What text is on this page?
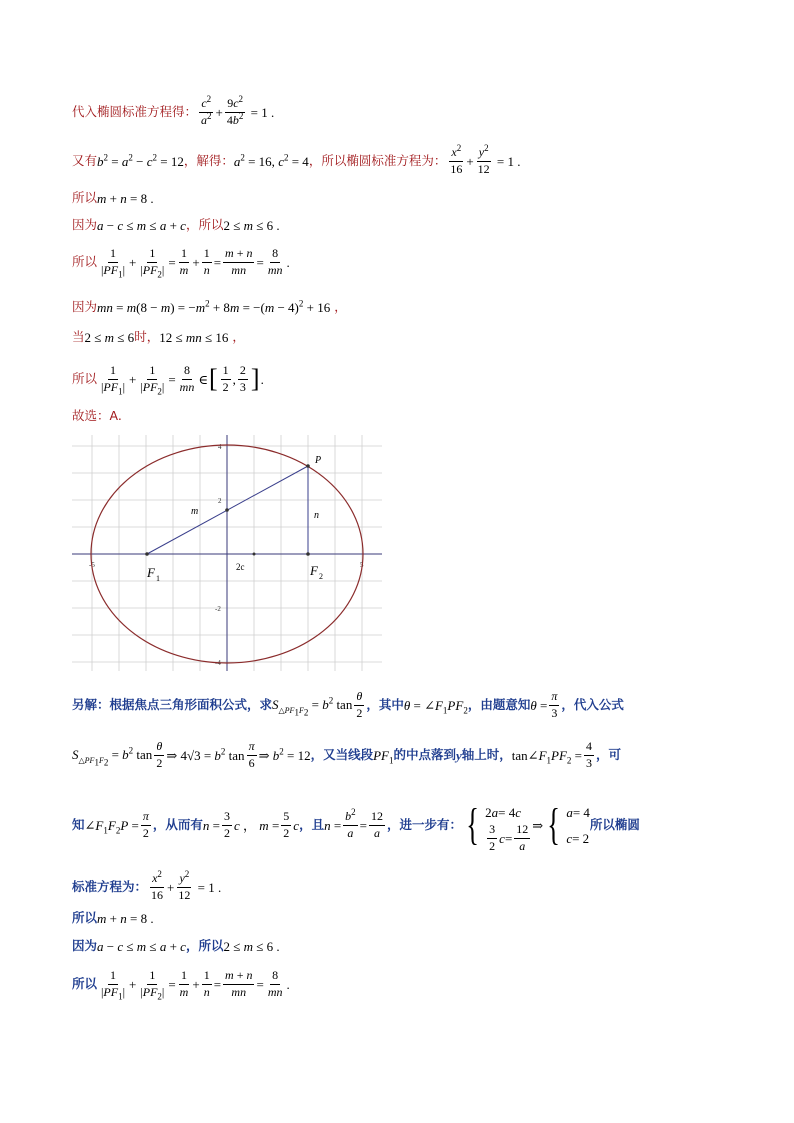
代入椭圆标准方程得： $\frac{c^2}{a^2} + \frac{9c^2}{4b^2} = 1$ .
又有 $b^2 = a^2 - c^2 = 12$ ，解得： $a^2 = 16$, $c^2 = 4$ ，所以椭圆标准方程为： $\frac{x^2}{16} + \frac{y^2}{12} = 1$ .
所以 m + n = 8 .
因为 a − c ≤ m ≤ a + c ，所以 2 ≤ m ≤ 6 .
所以 $\frac{1}{|PF_1|} + \frac{1}{|PF_2|} = \frac{1}{m} + \frac{1}{n} = \frac{m + n}{mn} = \frac{8}{mn}$ .
因为 mn = $m(8 - m) = -m^2 + 8m = -(m - 4)^2 + 16$ ，
当 2 ≤ m ≤ 6 时， 12 ≤ mn ≤ 16 ，
所以 $\frac{1}{|PF_1|} + \frac{1}{|PF_2|} = \frac{8}{mn}$ ∈ [ $\frac{1}{2}$ , $\frac{2}{3}$ ] .
故选：A.
-5	5
4
2
-2
-4
P
m	n
2c
F 1
F 2
另解：根据焦点三角形面积公式，求 $S_{\triangle PF_1F_2} = b^2$ $\tan \frac{\theta}{2}$ ，其中 $\theta = \angle F_1PF_2$ ，由题意知 $\theta = \frac{\pi}{3}$ ，代入公式
$S_{\triangle PF_1F_2} = b^2$ $\tan \frac{\theta}{2}$ ⇒ $4√3 = b^2$ $\tan \frac{\pi}{6}$ ⇒ $b^2 = 12$ ，又当线段 $PF_1$ 的中点落到 y 轴上时， $\tan\angle F_1PF_2 = \frac{4}{3}$ ，可
知 $\angle F_1F_2P = \frac{\pi}{2}$ ，从而有 $n = \frac{3}{2}$ c ， $m = \frac{5}{2}$ c ，且 $n = \frac{b^2}{a} = \frac{12}{a}$ ，进一步有： { 2 a = 4 c
$\frac{3}{2}$ $c = \frac{12}{a}$ ⇒ { a = 4
c = 2
所以椭圆
标准方程为： $\frac{x^2}{16} + \frac{y^2}{12} = 1$ .
所以 m + n = 8 .
因为 a − c ≤ m ≤ a + c ，所以 2 ≤ m ≤ 6 .
所以 $\frac{1}{|PF_1|} + \frac{1}{|PF_2|} = \frac{1}{m} + \frac{1}{n} = \frac{m + n}{mn} = \frac{8}{mn}$ .
